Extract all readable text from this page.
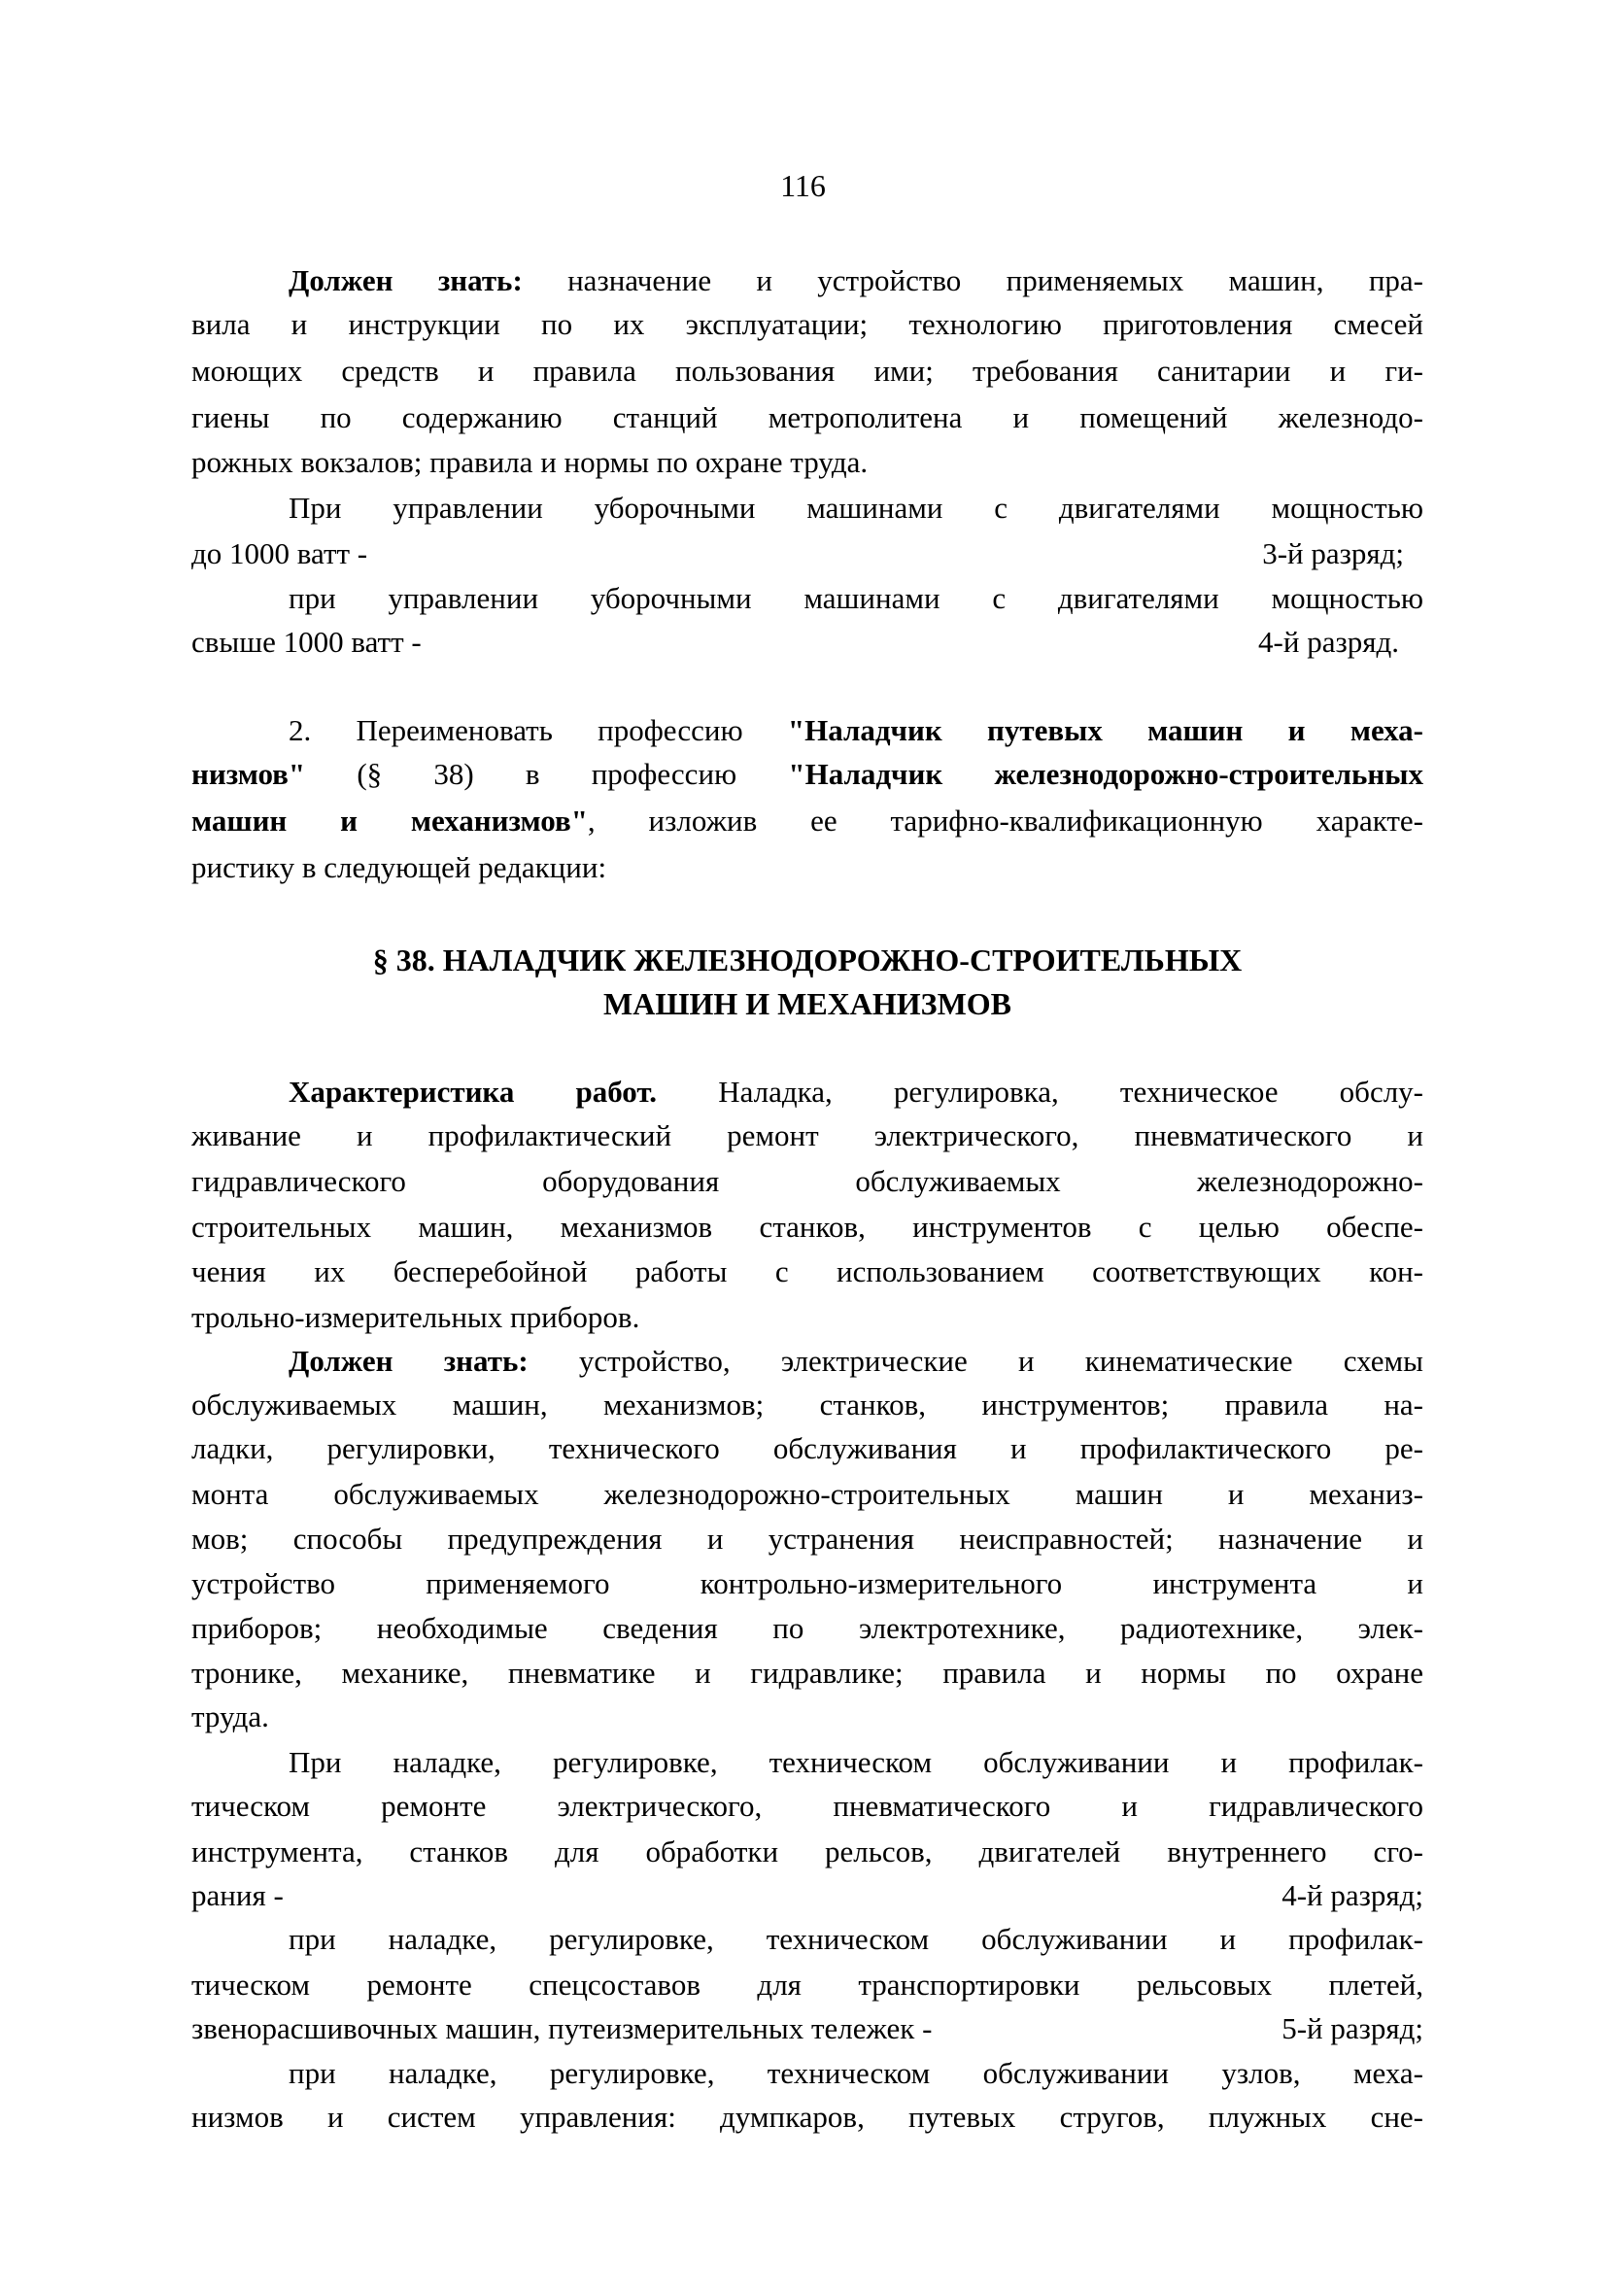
116
Должен знать: назначение и устройство применяемых машин, пра-
вила и инструкции по их эксплуатации; технологию приготовления смесей
моющих средств и правила пользования ими; требования санитарии и ги-
гиены по содержанию станций метрополитена и помещений железнодо-
рожных вокзалов; правила и нормы по охране труда.
При управлении уборочными машинами с двигателями мощностью
до 1000 ватт -	3-й разряд;
при управлении уборочными машинами с двигателями мощностью
свыше 1000 ватт -	4-й разряд.
2. Переименовать профессию "Наладчик путевых машин и меха-
низмов" (§ 38) в профессию "Наладчик железнодорожно-строительных
машин и механизмов", изложив ее тарифно-квалификационную характе-
ристику в следующей редакции:
§ 38. НАЛАДЧИК ЖЕЛЕЗНОДОРОЖНО-СТРОИТЕЛЬНЫХ
МАШИН И МЕХАНИЗМОВ
Характеристика работ. Наладка, регулировка, техническое обслу-
живание и профилактический ремонт электрического, пневматического и
гидравлического оборудования обслуживаемых железнодорожно-
строительных машин, механизмов станков, инструментов с целью обеспе-
чения их бесперебойной работы с использованием соответствующих кон-
трольно-измерительных приборов.
Должен знать: устройство, электрические и кинематические схемы
обслуживаемых машин, механизмов; станков, инструментов; правила на-
ладки, регулировки, технического обслуживания и профилактического ре-
монта обслуживаемых железнодорожно-строительных машин и механиз-
мов; способы предупреждения и устранения неисправностей; назначение и
устройство применяемого контрольно-измерительного инструмента и
приборов; необходимые сведения по электротехнике, радиотехнике, элек-
тронике, механике, пневматике и гидравлике; правила и нормы по охране
труда.
При наладке, регулировке, техническом обслуживании и профилак-
тическом ремонте электрического, пневматического и гидравлического
инструмента, станков для обработки рельсов, двигателей внутреннего сго-
рания -	4-й разряд;
при наладке, регулировке, техническом обслуживании и профилак-
тическом ремонте спецсоставов для транспортировки рельсовых плетей,
звенорасшивочных машин, путеизмерительных тележек -	5-й разряд;
при наладке, регулировке, техническом обслуживании узлов, меха-
низмов и систем управления: думпкаров, путевых стругов, плужных сне-
